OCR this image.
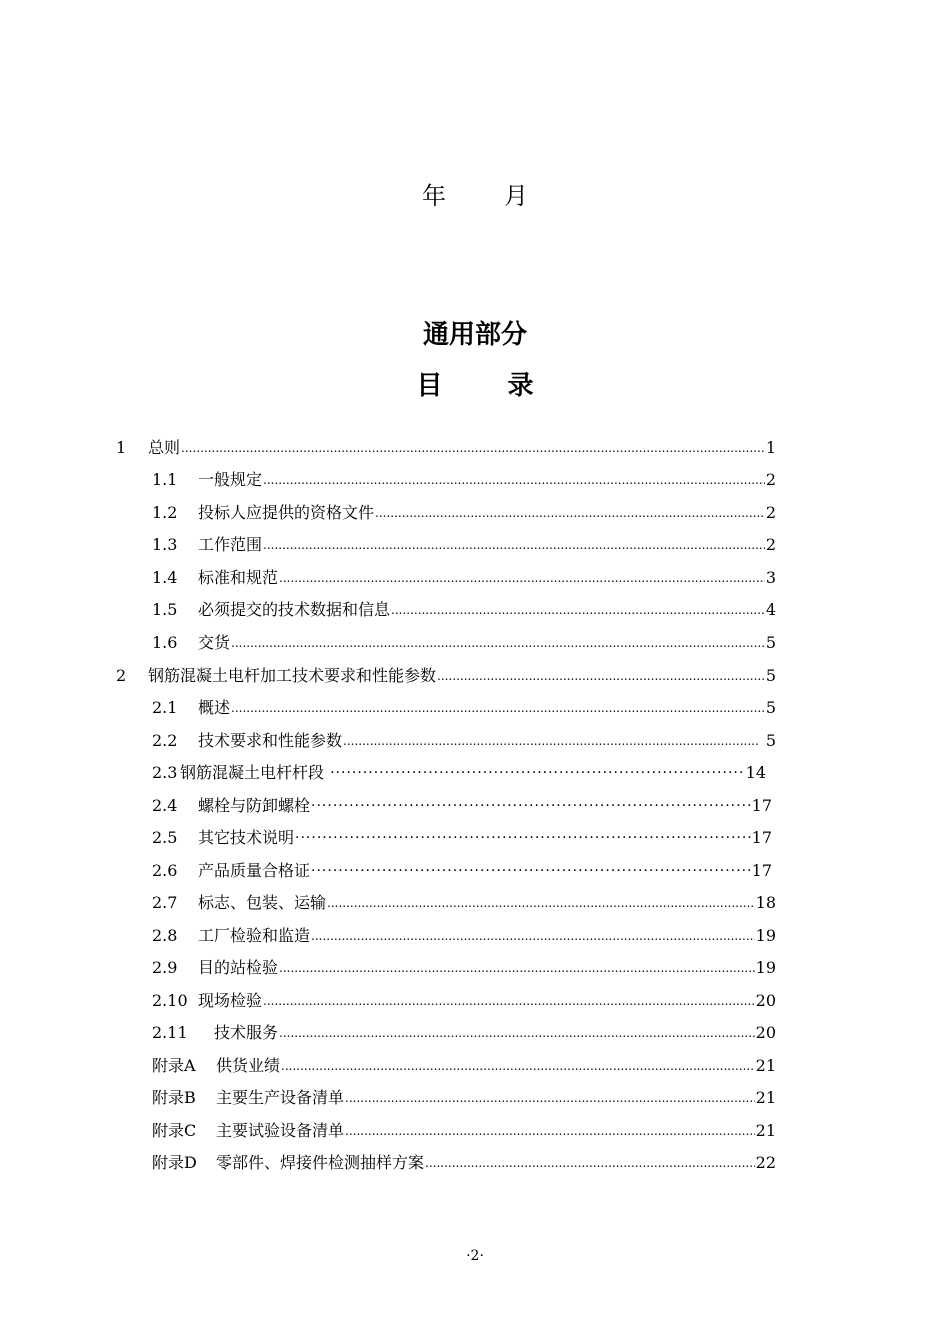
年 月
通用部分
目 录
1	总则 .....	1
1.1	一般规定 .....	2
1.2	投标人应提供的资格文件 .....	2
1.3	工作范围 .....	2
1.4	标准和规范 .....	3
1.5	必须提交的技术数据和信息 .....	4
1.6	交货 .....	5
2	钢筋混凝土电杆加工技术要求和性能参数 .....	5
2.1	概述 .....	5
2.2	技术要求和性能参数 .....	5
2.3 钢筋混凝土电杆杆段 ·····	14
2.4	螺栓与防卸螺栓 ·····	17
2.5	其它技术说明 ·····	17
2.6	产品质量合格证 ·····	17
2.7	标志、包装、运输 .....	18
2.8	工厂检验和监造 .....	19
2.9	目的站检验 .....	19
2.10 现场检验 .....	20
2.11	技术服务 .....	20
附录A	供货业绩 .....	21
附录B	主要生产设备清单 .....	21
附录C	主要试验设备清单 .....	21
附录D	零部件、焊接件检测抽样方案 .....	22
·2·
